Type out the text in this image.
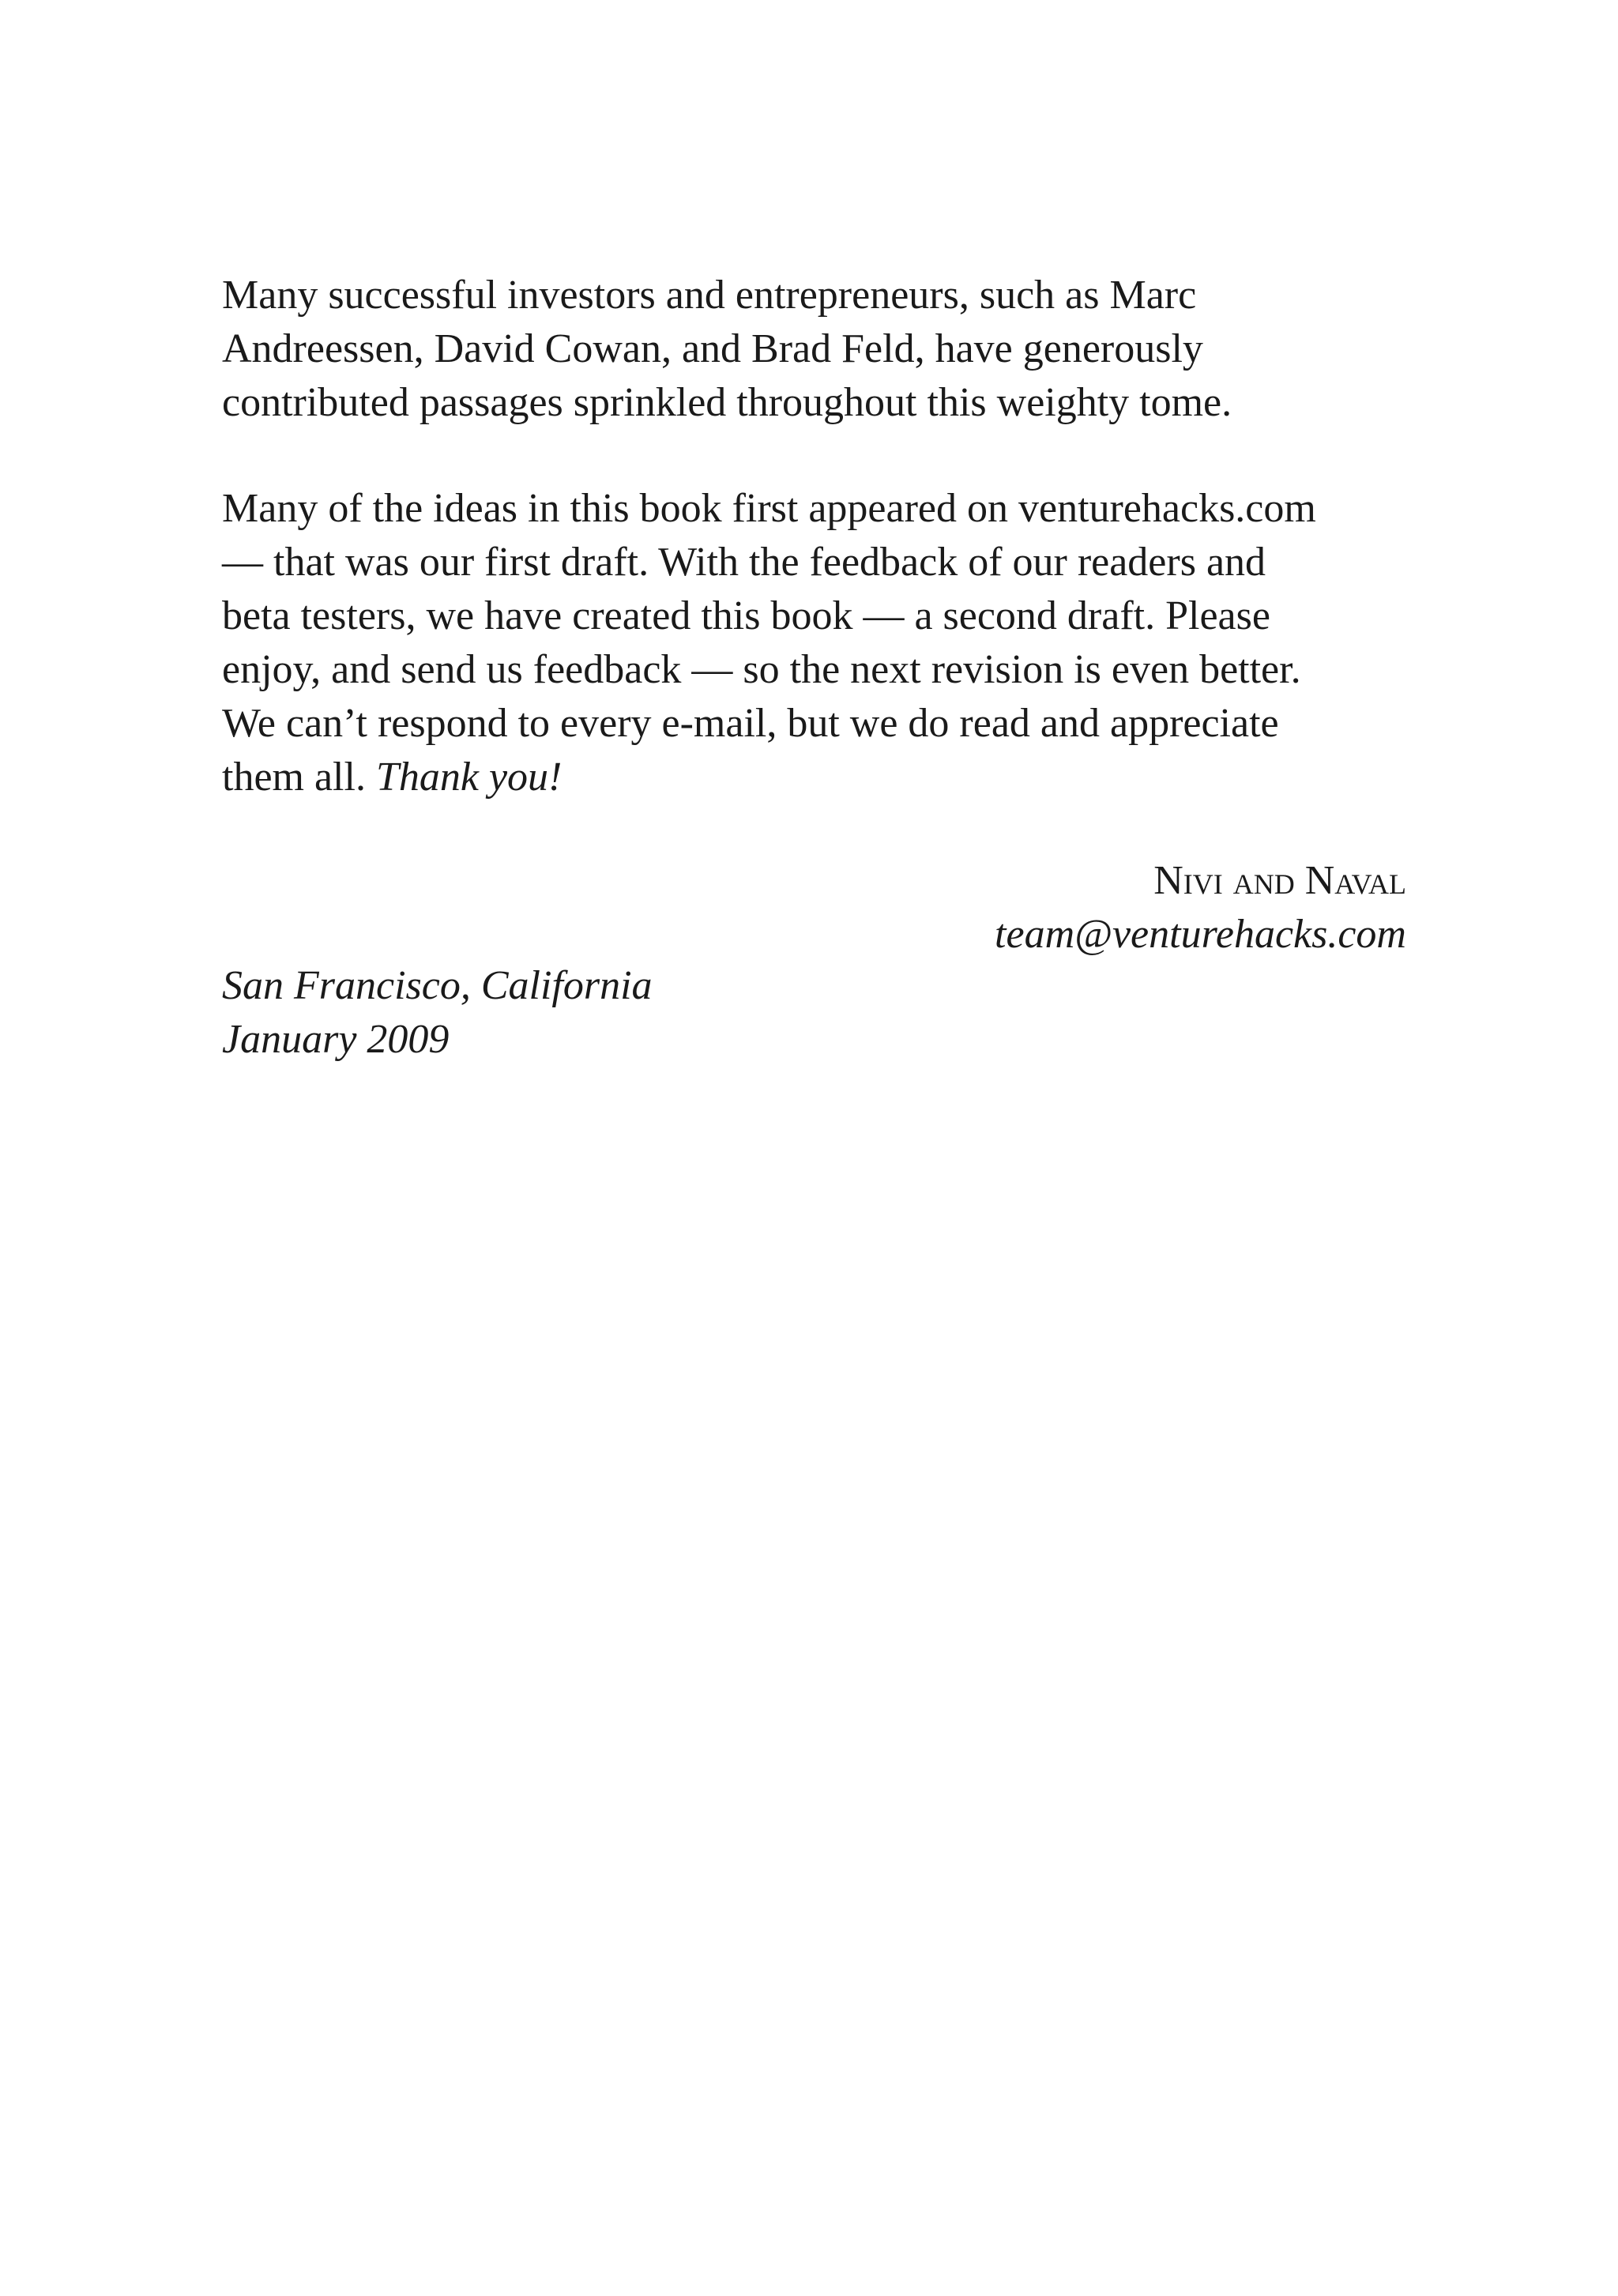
Many successful investors and entrepreneurs, such as Marc
Andreessen, David Cowan, and Brad Feld, have generously
contributed passages sprinkled throughout this weighty tome.
Many of the ideas in this book first appeared on venturehacks.com
— that was our first draft. With the feedback of our readers and
beta testers, we have created this book — a second draft. Please
enjoy, and send us feedback — so the next revision is even better.
We can’t respond to every e-mail, but we do read and appreciate
them all. Thank you!
Nivi and Naval
team@venturehacks.com
San Francisco, California
January 2009
